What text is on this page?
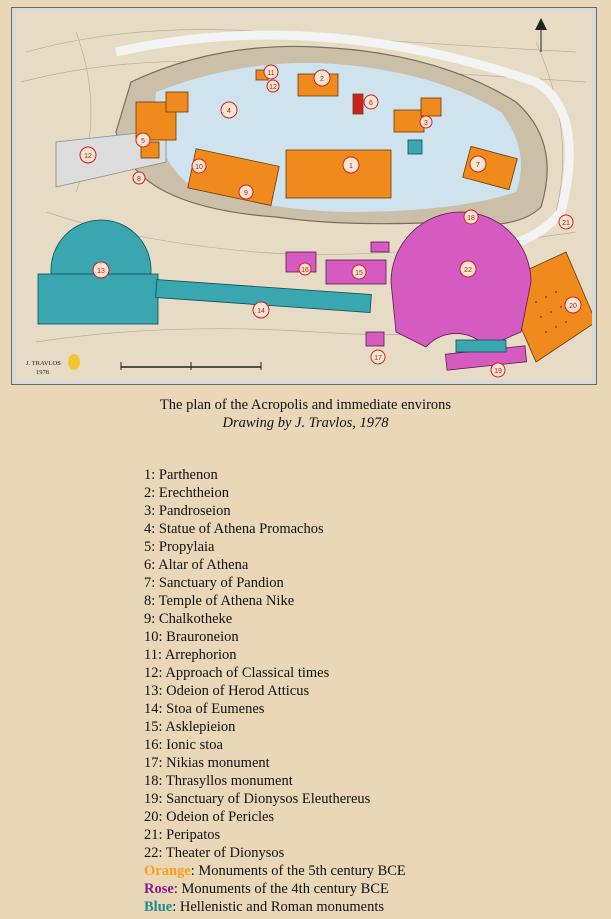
1
2
3
4
5
6
7
8
9
10
11
12
12
13
14
15
16
17
18
19
20
21
22
J. TRAVLOS
1978
The plan of the Acropolis and immediate environs
Drawing by J. Travlos, 1978
1: Parthenon
2: Erechtheion
3: Pandroseion
4: Statue of Athena Promachos
5: Propylaia
6: Altar of Athena
7: Sanctuary of Pandion
8: Temple of Athena Nike
9: Chalkotheke
10: Brauroneion
11: Arrephorion
12: Approach of Classical times
13: Odeion of Herod Atticus
14: Stoa of Eumenes
15: Asklepieion
16: Ionic stoa
17: Nikias monument
18: Thrasyllos monument
19: Sanctuary of Dionysos Eleuthereus
20: Odeion of Pericles
21: Peripatos
22: Theater of Dionysos
Orange: Monuments of the 5th century BCE
Rose: Monuments of the 4th century BCE
Blue: Hellenistic and Roman monuments
